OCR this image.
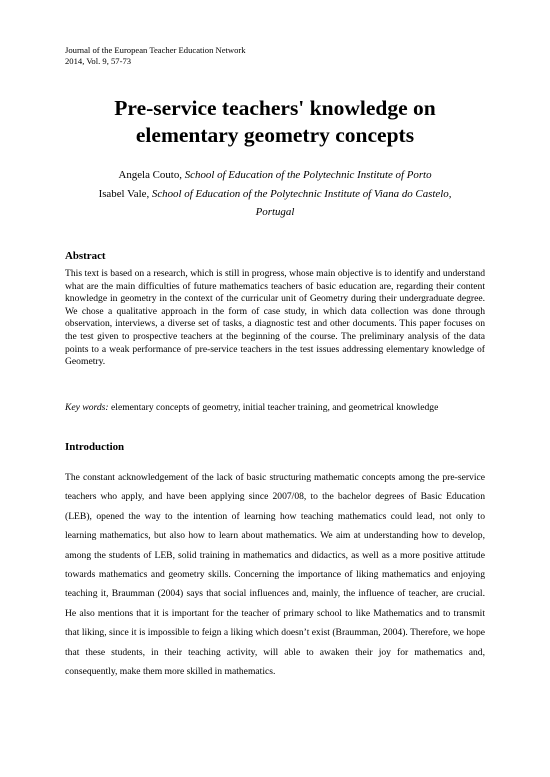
Journal of the European Teacher Education Network
2014, Vol. 9, 57-73
Pre-service teachers' knowledge on
elementary geometry concepts
Angela Couto, School of Education of the Polytechnic Institute of Porto
Isabel Vale, School of Education of the Polytechnic Institute of Viana do Castelo,
Portugal
Abstract
This text is based on a research, which is still in progress, whose main objective is to identify and understand what are the main difficulties of future mathematics teachers of basic education are, regarding their content knowledge in geometry in the context of the curricular unit of Geometry during their undergraduate degree. We chose a qualitative approach in the form of case study, in which data collection was done through observation, interviews, a diverse set of tasks, a diagnostic test and other documents. This paper focuses on the test given to prospective teachers at the beginning of the course. The preliminary analysis of the data points to a weak performance of pre-service teachers in the test issues addressing elementary knowledge of Geometry.
Key words: elementary concepts of geometry, initial teacher training, and geometrical knowledge
Introduction
The constant acknowledgement of the lack of basic structuring mathematic concepts among the pre-service teachers who apply, and have been applying since 2007/08, to the bachelor degrees of Basic Education (LEB), opened the way to the intention of learning how teaching mathematics could lead, not only to learning mathematics, but also how to learn about mathematics. We aim at understanding how to develop, among the students of LEB, solid training in mathematics and didactics, as well as a more positive attitude towards mathematics and geometry skills. Concerning the importance of liking mathematics and enjoying teaching it, Braumman (2004) says that social influences and, mainly, the influence of teacher, are crucial. He also mentions that it is important for the teacher of primary school to like Mathematics and to transmit that liking, since it is impossible to feign a liking which doesn’t exist (Braumman, 2004). Therefore, we hope that these students, in their teaching activity, will able to awaken their joy for mathematics and, consequently, make them more skilled in mathematics.
